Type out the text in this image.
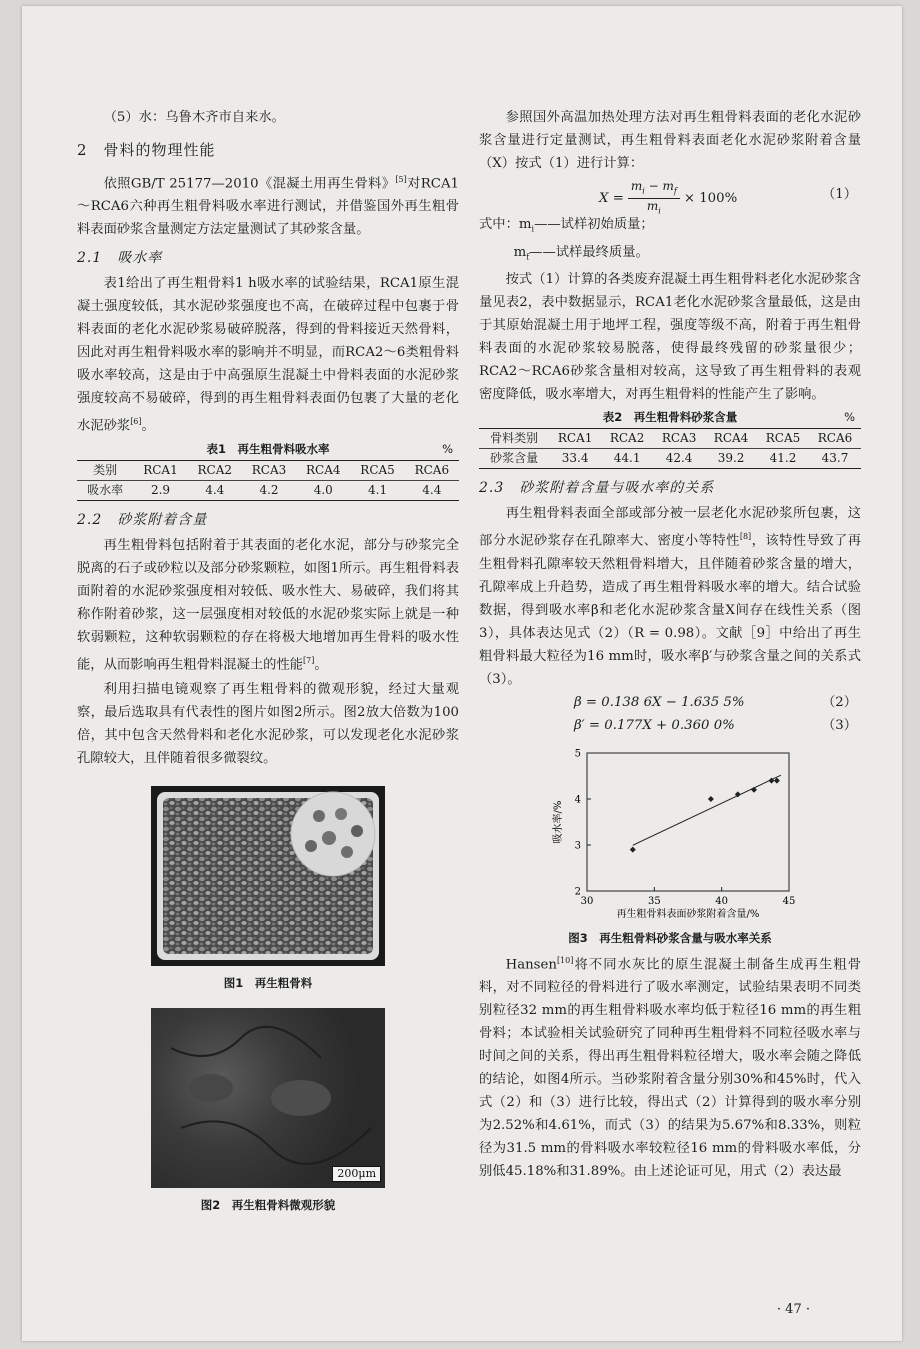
（5）水：乌鲁木齐市自来水。

2　骨料的物理性能

依照GB/T 25177—2010《混凝土用再生骨料》[5]对RCA1～RCA6六种再生粗骨料吸水率进行测试，并借鉴国外再生粗骨料表面砂浆含量测定方法定量测试了其砂浆含量。

2.1　吸水率

表1给出了再生粗骨料1 h吸水率的试验结果，RCA1原生混凝土强度较低，其水泥砂浆强度也不高，在破碎过程中包裹于骨料表面的老化水泥砂浆易破碎脱落，得到的骨料接近天然骨料，因此对再生粗骨料吸水率的影响并不明显，而RCA2～6类粗骨料吸水率较高，这是由于中高强原生混凝土中骨料表面的水泥砂浆强度较高不易破碎，得到的再生粗骨料表面仍包裹了大量的老化水泥砂浆[6]。

表1　再生粗骨料吸水率	%
类别	RCA1	RCA2	RCA3	RCA4	RCA5	RCA6
吸水率	2.9	4.4	4.2	4.0	4.1	4.4
2.2　砂浆附着含量

再生粗骨料包括附着于其表面的老化水泥，部分与砂浆完全脱离的石子或砂粒以及部分砂浆颗粒，如图1所示。再生粗骨料表面附着的水泥砂浆强度相对较低、吸水性大、易破碎，我们将其称作附着砂浆，这一层强度相对较低的水泥砂浆实际上就是一种软弱颗粒，这种软弱颗粒的存在将极大地增加再生骨料的吸水性能，从而影响再生粗骨料混凝土的性能[7]。

利用扫描电镜观察了再生粗骨料的微观形貌，经过大量观察，最后选取具有代表性的图片如图2所示。图2放大倍数为100倍，其中包含天然骨料和老化水泥砂浆，可以发现老化水泥砂浆孔隙较大，且伴随着很多微裂纹。

图1　再生粗骨料
200μm
图2　再生粗骨料微观形貌

参照国外高温加热处理方法对再生粗骨料表面的老化水泥砂浆含量进行定量测试，再生粗骨料表面老化水泥砂浆附着含量（X）按式（1）进行计算：

$X = \frac{m_i - m_f}{m_i} \times 100\%$	（1）

式中：$m_i——$试样初始质量；

$m_f——$试样最终质量。

按式（1）计算的各类废弃混凝土再生粗骨料老化水泥砂浆含量见表2，表中数据显示，RCA1老化水泥砂浆含量最低，这是由于其原始混凝土用于地坪工程，强度等级不高，附着于再生粗骨料表面的水泥砂浆较易脱落，使得最终残留的砂浆量很少；RCA2～RCA6砂浆含量相对较高，这导致了再生粗骨料的表观密度降低，吸水率增大，对再生粗骨料的性能产生了影响。

表2　再生粗骨料砂浆含量	%
骨料类别	RCA1	RCA2	RCA3	RCA4	RCA5	RCA6
砂浆含量	33.4	44.1	42.4	39.2	41.2	43.7
2.3　砂浆附着含量与吸水率的关系

再生粗骨料表面全部或部分被一层老化水泥砂浆所包裹，这部分水泥砂浆存在孔隙率大、密度小等特性[8]，该特性导致了再生粗骨料孔隙率较天然粗骨料增大，且伴随着砂浆含量的增大，孔隙率成上升趋势，造成了再生粗骨料吸水率的增大。结合试验数据，得到吸水率β和老化水泥砂浆含量X间存在线性关系（图3），具体表达见式（2）（R = 0.98）。文献［9］中给出了再生粗骨料最大粒径为16 mm时，吸水率β′与砂浆含量之间的关系式（3）。

β = 0.138 6X − 1.635 5%	（2）
β′ = 0.177X + 0.360 0%	（3）
30	35	40	45
2
3
4
5
再生粗骨料表面砂浆附着含量/%
吸水率/%
图3　再生粗骨料砂浆含量与吸水率关系

Hansen[10]将不同水灰比的原生混凝土制备生成再生粗骨料，对不同粒径的骨料进行了吸水率测定，试验结果表明不同类别粒径32 mm的再生粗骨料吸水率均低于粒径16 mm的再生粗骨料；本试验相关试验研究了同种再生粗骨料不同粒径吸水率与时间之间的关系，得出再生粗骨料粒径增大，吸水率会随之降低的结论，如图4所示。当砂浆附着含量分别30%和45%时，代入式（2）和（3）进行比较，得出式（2）计算得到的吸水率分别为2.52%和4.61%，而式（3）的结果为5.67%和8.33%，则粒径为31.5 mm的骨料吸水率较粒径16 mm的骨料吸水率低，分别低45.18%和31.89%。由上述论证可见，用式（2）表达最

· 47 ·
